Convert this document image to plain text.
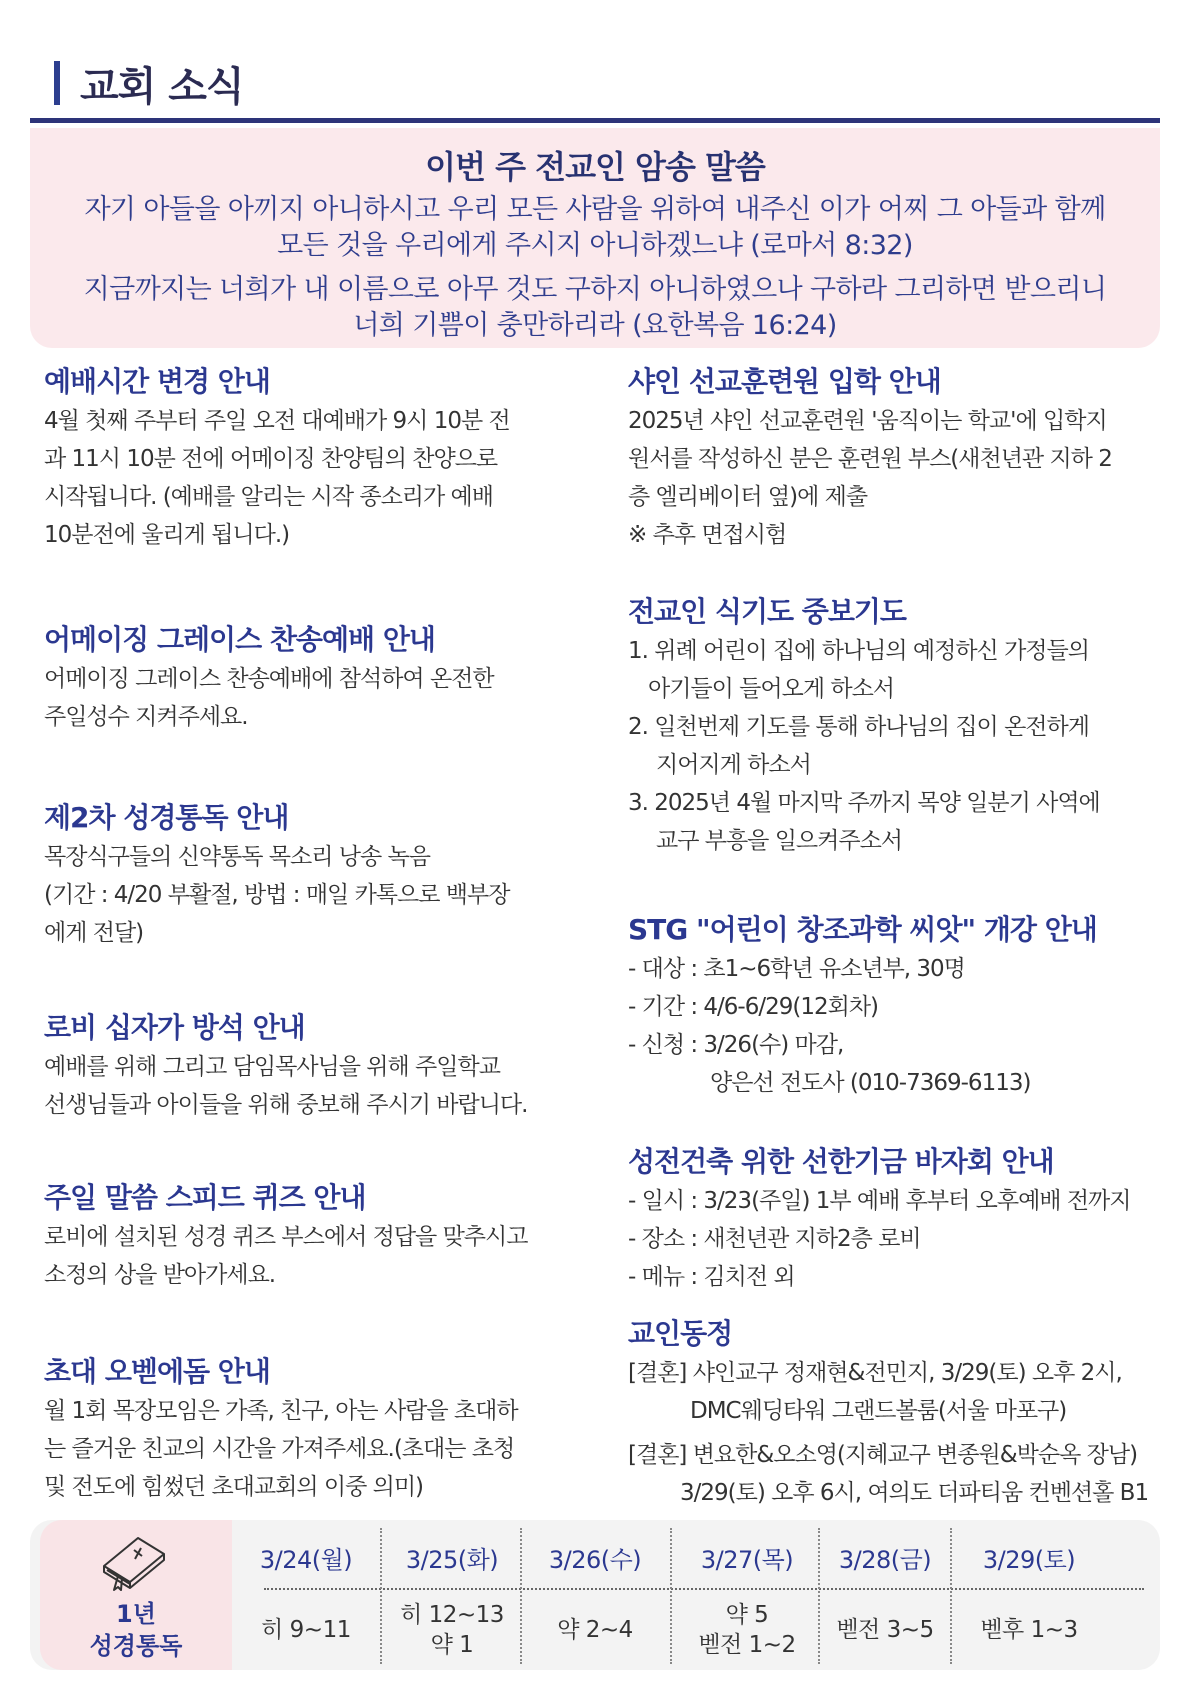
교회 소식
이번 주 전교인 암송 말씀
자기 아들을 아끼지 아니하시고 우리 모든 사람을 위하여 내주신 이가 어찌 그 아들과 함께
모든 것을 우리에게 주시지 아니하겠느냐 (로마서 8:32)
지금까지는 너희가 내 이름으로 아무 것도 구하지 아니하였으나 구하라 그리하면 받으리니
너희 기쁨이 충만하리라 (요한복음 16:24)
예배시간 변경 안내
4월 첫째 주부터 주일 오전 대예배가 9시 10분 전
과 11시 10분 전에 어메이징 찬양팀의 찬양으로
시작됩니다. (예배를 알리는 시작 종소리가 예배
10분전에 울리게 됩니다.)
어메이징 그레이스 찬송예배 안내
어메이징 그레이스 찬송예배에 참석하여 온전한
주일성수 지켜주세요.
제2차 성경통독 안내
목장식구들의 신약통독 목소리 낭송 녹음
(기간 : 4/20 부활절, 방법 : 매일 카톡으로 백부장
에게 전달)
로비 십자가 방석 안내
예배를 위해 그리고 담임목사님을 위해 주일학교
선생님들과 아이들을 위해 중보해 주시기 바랍니다.
주일 말씀 스피드 퀴즈 안내
로비에 설치된 성경 퀴즈 부스에서 정답을 맞추시고
소정의 상을 받아가세요.
초대 오벧에돔 안내
월 1회 목장모임은 가족, 친구, 아는 사람을 초대하
는 즐거운 친교의 시간을 가져주세요.(초대는 초청
및 전도에 힘썼던 초대교회의 이중 의미)
샤인 선교훈련원 입학 안내
2025년 샤인 선교훈련원 '움직이는 학교'에 입학지
원서를 작성하신 분은 훈련원 부스(새천년관 지하 2
층 엘리베이터 옆)에 제출
※ 추후 면접시험
전교인 식기도 중보기도
1. 위례 어린이 집에 하나님의 예정하신 가정들의
아기들이 들어오게 하소서
2. 일천번제 기도를 통해 하나님의 집이 온전하게
지어지게 하소서
3. 2025년 4월 마지막 주까지 목양 일분기 사역에
교구 부흥을 일으켜주소서
STG "어린이 창조과학 씨앗" 개강 안내
- 대상 : 초1~6학년 유소년부, 30명
- 기간 : 4/6-6/29(12회차)
- 신청 : 3/26(수) 마감,
양은선 전도사 (010-7369-6113)
성전건축 위한 선한기금 바자회 안내
- 일시 : 3/23(주일) 1부 예배 후부터 오후예배 전까지
- 장소 : 새천년관 지하2층 로비
- 메뉴 : 김치전 외
교인동정
[결혼] 샤인교구 정재현&전민지, 3/29(토) 오후 2시,
DMC웨딩타워 그랜드볼룸(서울 마포구)
[결혼] 변요한&오소영(지혜교구 변종원&박순옥 장남)
3/29(토) 오후 6시, 여의도 더파티움 컨벤션홀 B1
1년
성경통독
3/24(월)
히 9~11
3/25(화)
히 12~13
약 1
3/26(수)
약 2~4
3/27(목)
약 5
벧전 1~2
3/28(금)
벧전 3~5
3/29(토)
벧후 1~3
